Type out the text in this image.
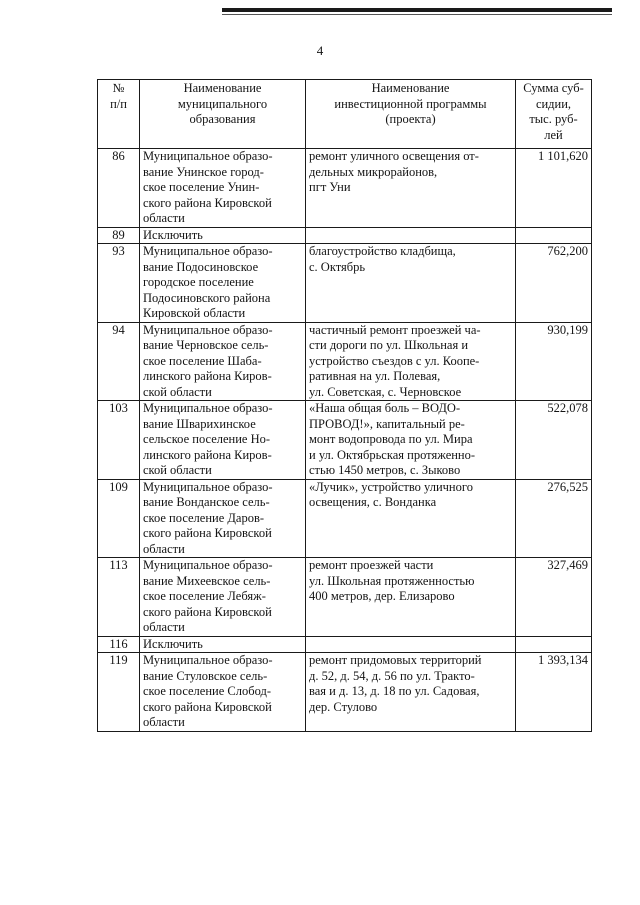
4
№
п/п	Наименование
муниципального
образования	Наименование
инвестиционной программы
(проекта)	Сумма суб-
сидии,
тыс. руб-
лей

86	Муниципальное образо-
вание Унинское город-
ское поселение Унин-
ского района Кировской
области	ремонт уличного освещения от-
дельных микрорайонов,
пгт Уни	1 101,620
89	Исключить		
93	Муниципальное образо-
вание Подосиновское
городское поселение
Подосиновского района
Кировской области	благоустройство кладбища,
с. Октябрь	762,200
94	Муниципальное образо-
вание Черновское сель-
ское поселение Шаба-
линского района Киров-
ской области	частичный ремонт проезжей ча-
сти дороги по ул. Школьная и
устройство съездов с ул. Коопе-
ративная на ул. Полевая,
ул. Советская, с. Черновское	930,199
103	Муниципальное образо-
вание Шварихинское
сельское поселение Но-
линского района Киров-
ской области	«Наша общая боль – ВОДО-
ПРОВОД!», капитальный ре-
монт водопровода по ул. Мира
и ул. Октябрьская протяженно-
стью 1450 метров, с. Зыково	522,078
109	Муниципальное образо-
вание Вонданское сель-
ское поселение Даров-
ского района Кировской
области	«Лучик», устройство уличного
освещения, с. Вонданка	276,525
113	Муниципальное образо-
вание Михеевское сель-
ское поселение Лебяж-
ского района Кировской
области	ремонт проезжей части
ул. Школьная протяженностью
400 метров, дер. Елизарово	327,469
116	Исключить		
119	Муниципальное образо-
вание Стуловское сель-
ское поселение Слобод-
ского района Кировской
области	ремонт придомовых территорий
д. 52, д. 54, д. 56 по ул. Тракто-
вая и д. 13, д. 18 по ул. Садовая,
дер. Стулово	1 393,134
